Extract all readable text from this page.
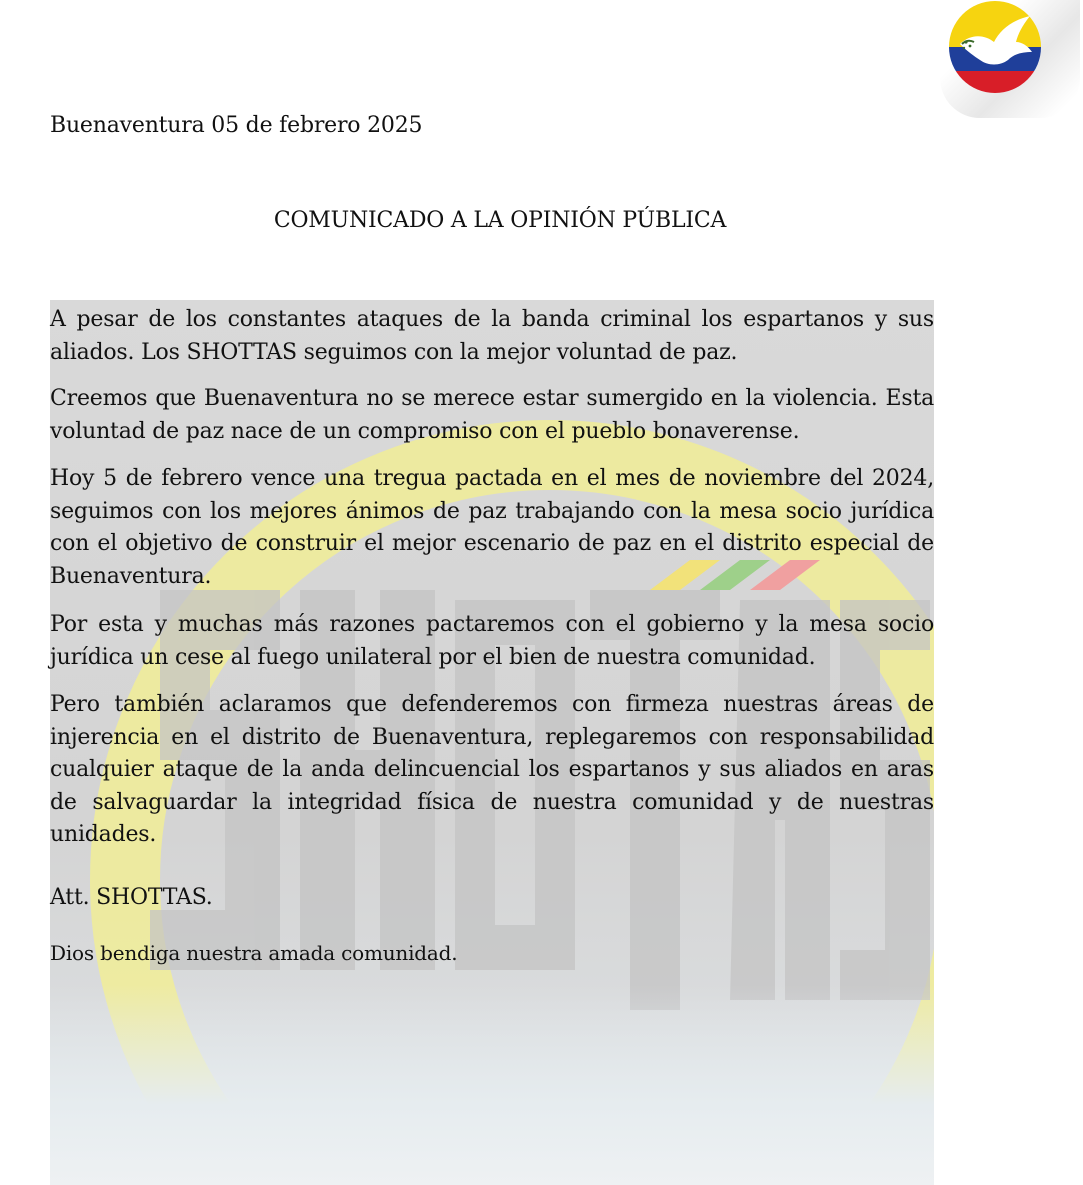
Buenaventura 05 de febrero 2025
COMUNICADO A LA OPINIÓN PÚBLICA
A pesar de los constantes ataques de la banda criminal los espartanos y sus aliados. Los SHOTTAS seguimos con la mejor voluntad de paz.
Creemos que Buenaventura no se merece estar sumergido en la violencia. Esta voluntad de paz nace de un compromiso con el pueblo bonaverense.
Hoy 5 de febrero vence una tregua pactada en el mes de noviembre del 2024, seguimos con los mejores ánimos de paz trabajando con la mesa socio jurídica con el objetivo de construir el mejor escenario de paz en el distrito especial de Buenaventura.
Por esta y muchas más razones pactaremos con el gobierno y la mesa socio jurídica un cese al fuego unilateral por el bien de nuestra comunidad.
Pero también aclaramos que defenderemos con firmeza nuestras áreas de injerencia en el distrito de Buenaventura, replegaremos con responsabilidad cualquier ataque de la anda delincuencial los espartanos y sus aliados en aras de salvaguardar la integridad física de nuestra comunidad y de nuestras unidades.
Att. SHOTTAS.
Dios bendiga nuestra amada comunidad.
